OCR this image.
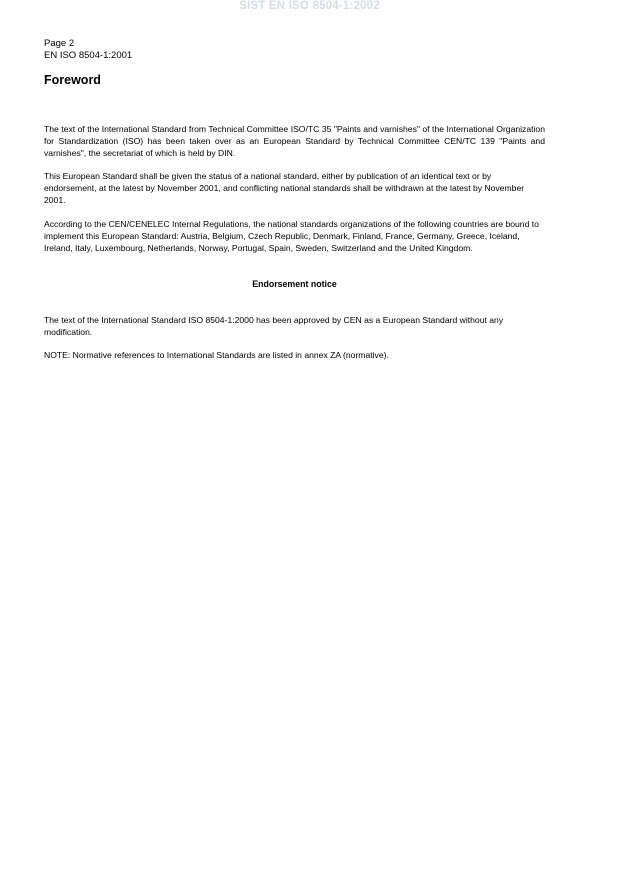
SIST EN ISO 8504-1:2002
Page 2
EN ISO 8504-1:2001
Foreword
The text of the International Standard from Technical Committee ISO/TC 35 "Paints and varnishes" of the International Organization for Standardization (ISO) has been taken over as an European Standard by Technical Committee CEN/TC 139 "Paints and varnishes", the secretariat of which is held by DIN.
This European Standard shall be given the status of a national standard, either by publication of an identical text or by endorsement, at the latest by November 2001, and conflicting national standards shall be withdrawn at the latest by November 2001.
According to the CEN/CENELEC Internal Regulations, the national standards organizations of the following countries are bound to implement this European Standard: Austria, Belgium, Czech Republic, Denmark, Finland, France, Germany, Greece, Iceland, Ireland, Italy, Luxembourg, Netherlands, Norway, Portugal, Spain, Sweden, Switzerland and the United Kingdom.
Endorsement notice
The text of the International Standard ISO 8504-1:2000 has been approved by CEN as a European Standard without any modification.
NOTE: Normative references to International Standards are listed in annex ZA (normative).
